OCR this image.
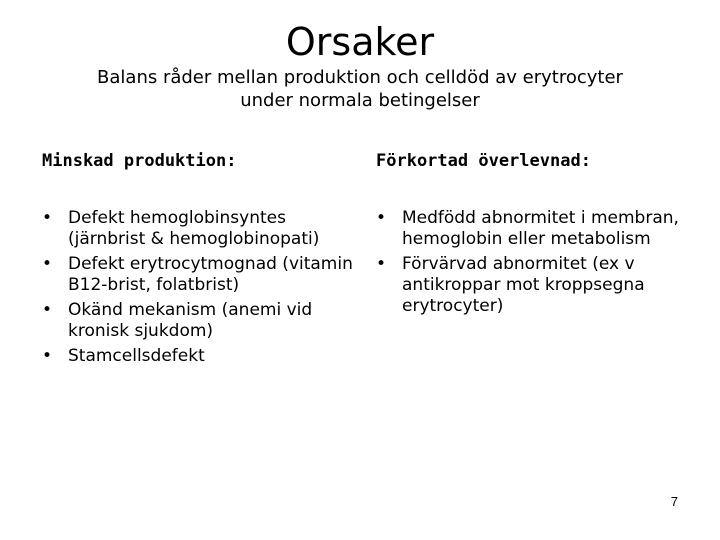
Orsaker
Balans råder mellan produktion och celldöd av erytrocyter
under normala betingelser

Minskad produktion:

• Defekt hemoglobinsyntes (järnbrist & hemoglobinopati)
• Defekt erytrocytmognad (vitamin B12-brist, folatbrist)
• Okänd mekanism (anemi vid kronisk sjukdom)
• Stamcellsdefekt

Förkortad överlevnad:

• Medfödd abnormitet i membran, hemoglobin eller metabolism
• Förvärvad abnormitet (ex v antikroppar mot kroppsegna erytrocyter)
7
